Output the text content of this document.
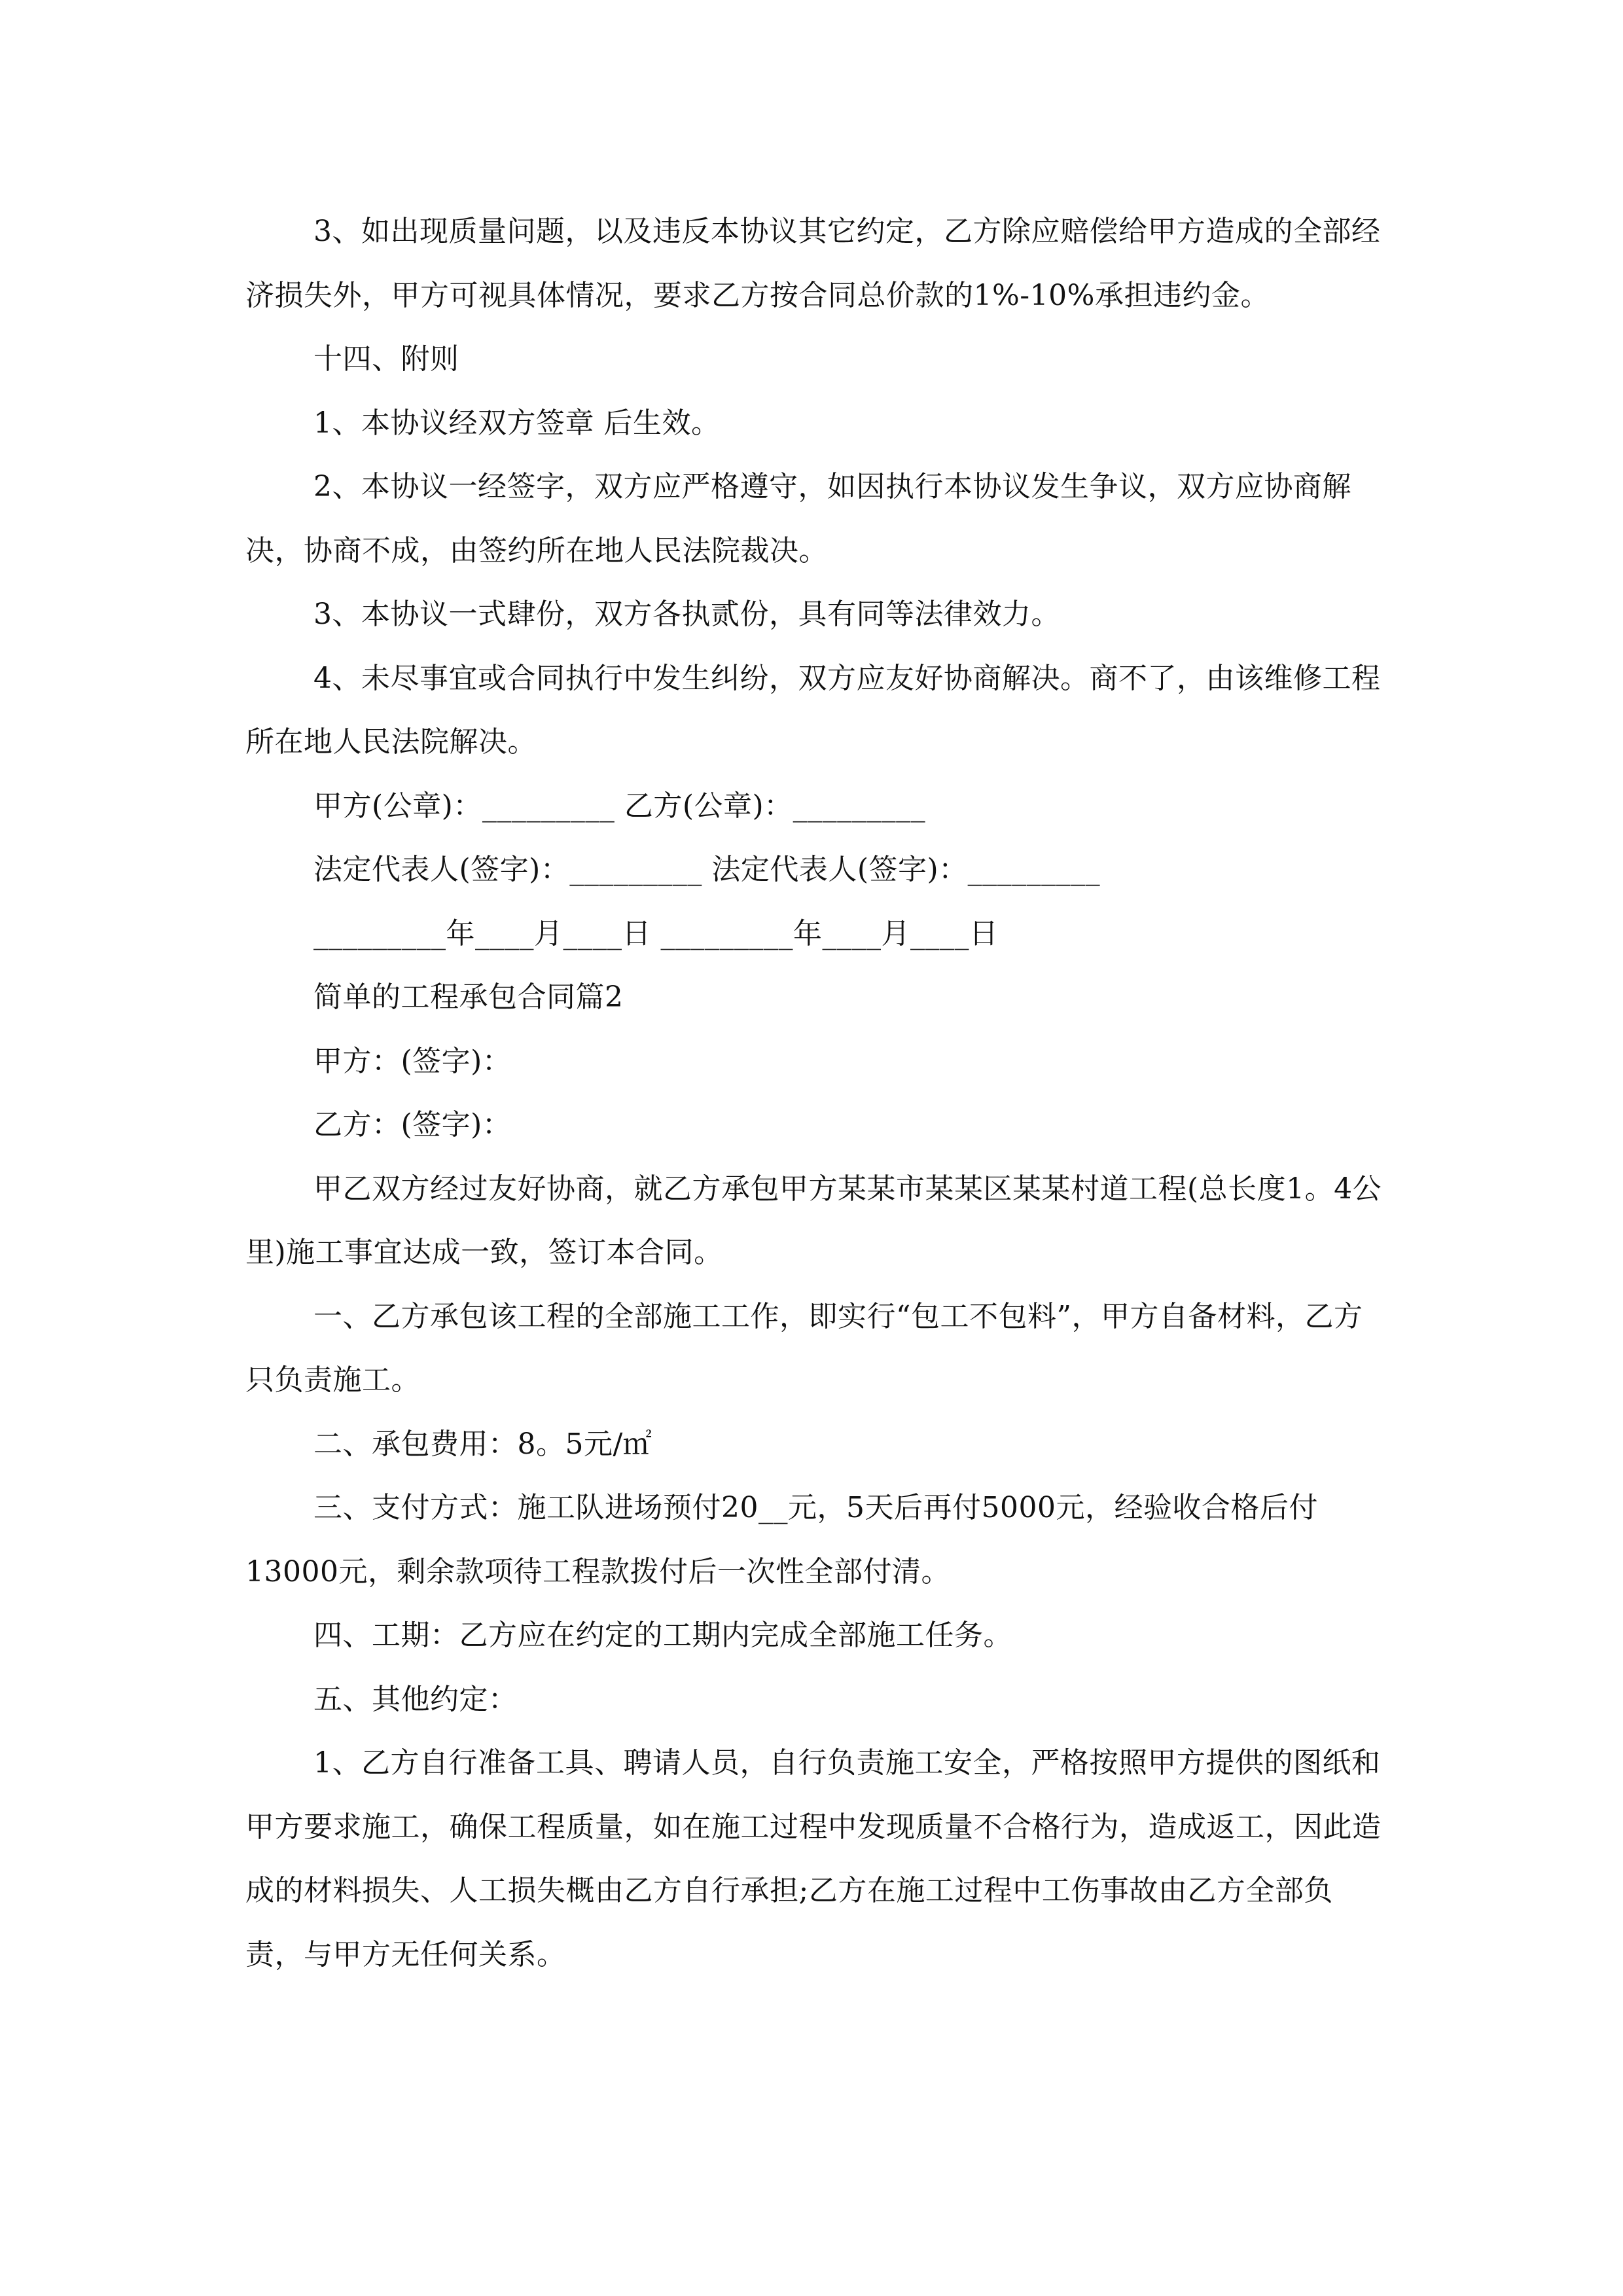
3、如出现质量问题，以及违反本协议其它约定，乙方除应赔偿给甲方造成的全部经济损失外，甲方可视具体情况，要求乙方按合同总价款的1%-10%承担违约金。

十四、附则

1、本协议经双方签章 后生效。

2、本协议一经签字，双方应严格遵守，如因执行本协议发生争议，双方应协商解决，协商不成，由签约所在地人民法院裁决。

3、本协议一式肆份，双方各执贰份，具有同等法律效力。

4、未尽事宜或合同执行中发生纠纷，双方应友好协商解决。商不了，由该维修工程所在地人民法院解决。

甲方(公章)：_________ 乙方(公章)：_________

法定代表人(签字)：_________ 法定代表人(签字)：_________

_________年____月____日 _________年____月____日

简单的工程承包合同篇2

甲方：(签字)：

乙方：(签字)：

甲乙双方经过友好协商，就乙方承包甲方某某市某某区某某村道工程(总长度1。4公里)施工事宜达成一致，签订本合同。

一、乙方承包该工程的全部施工工作，即实行“包工不包料”，甲方自备材料，乙方只负责施工。

二、承包费用：8。5元/㎡

三、支付方式：施工队进场预付20__元，5天后再付5000元，经验收合格后付13000元，剩余款项待工程款拨付后一次性全部付清。

四、工期：乙方应在约定的工期内完成全部施工任务。

五、其他约定：

1、乙方自行准备工具、聘请人员，自行负责施工安全，严格按照甲方提供的图纸和甲方要求施工，确保工程质量，如在施工过程中发现质量不合格行为，造成返工，因此造成的材料损失、人工损失概由乙方自行承担;乙方在施工过程中工伤事故由乙方全部负责，与甲方无任何关系。
